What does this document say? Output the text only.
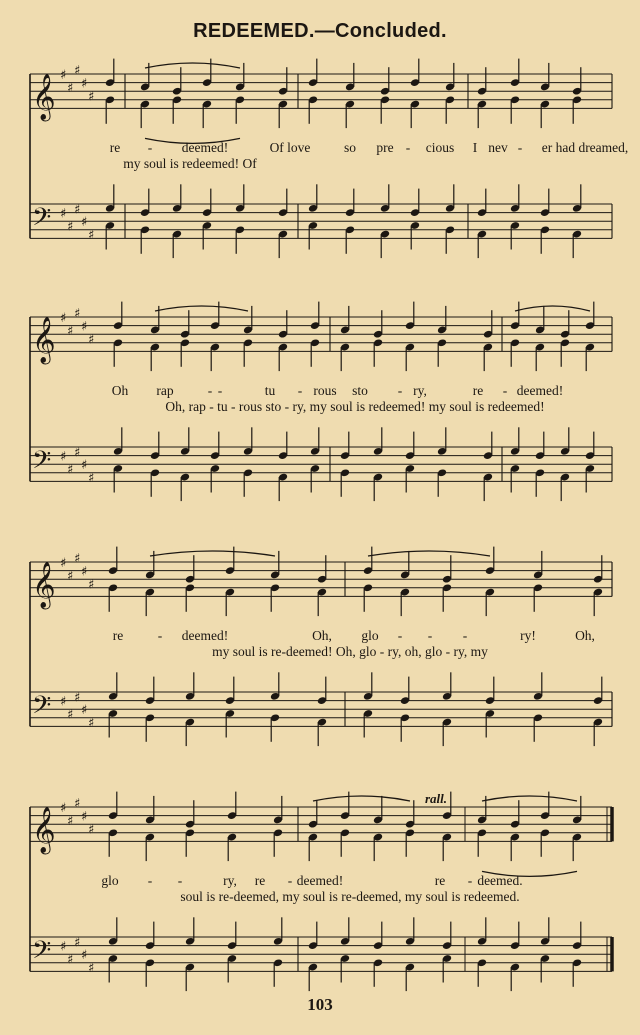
REDEEMED.—Concluded.
𝄞
𝄢
♯
♯
♯
♯
♯
♯
♯
♯
♯
♯
re - deemed!	Of love so pre - cious I nev - er had dreamed,
my soul is redeemed! Of
𝄞
𝄢
♯
♯
♯
♯
♯
♯
♯
♯
♯
♯
Oh rap	- -	tu - rous sto - ry,	re - deemed!
Oh, rap - tu - rous sto - ry, my soul is redeemed! my soul is redeemed!
𝄞
𝄢
♯
♯
♯
♯
♯
♯
♯
♯
♯
♯
re	- deemed!	Oh, glo - - -	ry!	Oh,
my soul is re-deemed! Oh, glo - ry, oh, glo - ry, my
𝄞
𝄢
♯
♯
♯
♯
♯
♯
♯
♯
♯
♯
glo - -	ry, re - deemed!	re - deemed.
soul is re-deemed, my soul is re-deemed, my soul is redeemed.
rall.
103
